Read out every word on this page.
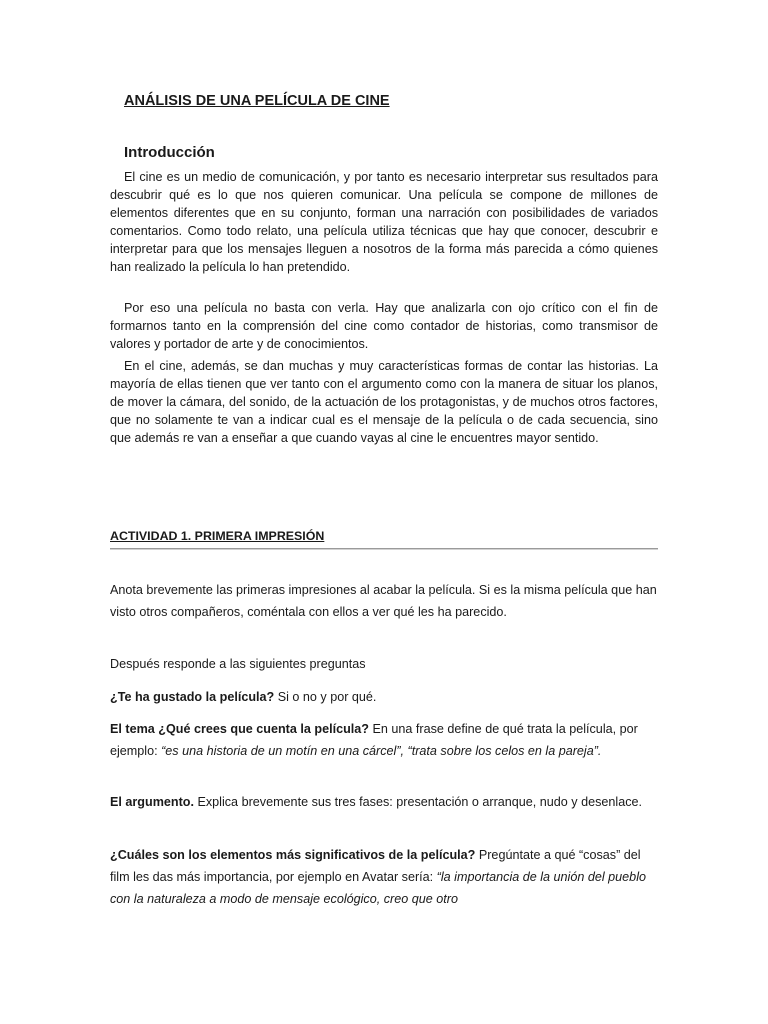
ANÁLISIS DE UNA PELÍCULA DE CINE
Introducción

El cine es un medio de comunicación, y por tanto es necesario interpretar sus resultados para descubrir qué es lo que nos quieren comunicar. Una película se compone de millones de elementos diferentes que en su conjunto, forman una narración con posibilidades de variados comentarios. Como todo relato, una película utiliza técnicas que hay que conocer, descubrir e interpretar para que los mensajes lleguen a nosotros de la forma más parecida a cómo quienes han realizado la película lo han pretendido.

Por eso una película no basta con verla. Hay que analizarla con ojo crítico con el fin de formarnos tanto en la comprensión del cine como contador de historias, como transmisor de valores y portador de arte y de conocimientos.

En el cine, además, se dan muchas y muy características formas de contar las historias. La mayoría de ellas tienen que ver tanto con el argumento como con la manera de situar los planos, de mover la cámara, del sonido, de la actuación de los protagonistas, y de muchos otros factores, que no solamente te van a indicar cual es el mensaje de la película o de cada secuencia, sino que además re van a enseñar a que cuando vayas al cine le encuentres mayor sentido.

ACTIVIDAD 1. PRIMERA IMPRESIÓN

Anota brevemente las primeras impresiones al acabar la película. Si es la misma película que han visto otros compañeros, coméntala con ellos a ver qué les ha parecido.

Después responde a las siguientes preguntas

¿Te ha gustado la película? Si o no y por qué.

El tema ¿Qué crees que cuenta la película? En una frase define de qué trata la película, por ejemplo: “es una historia de un motín en una cárcel”, “trata sobre los celos en la pareja”.

El argumento. Explica brevemente sus tres fases: presentación o arranque, nudo y desenlace.

¿Cuáles son los elementos más significativos de la película? Pregúntate a qué “cosas” del film les das más importancia, por ejemplo en Avatar sería: “la importancia de la unión del pueblo con la naturaleza a modo de mensaje ecológico, creo que otro
